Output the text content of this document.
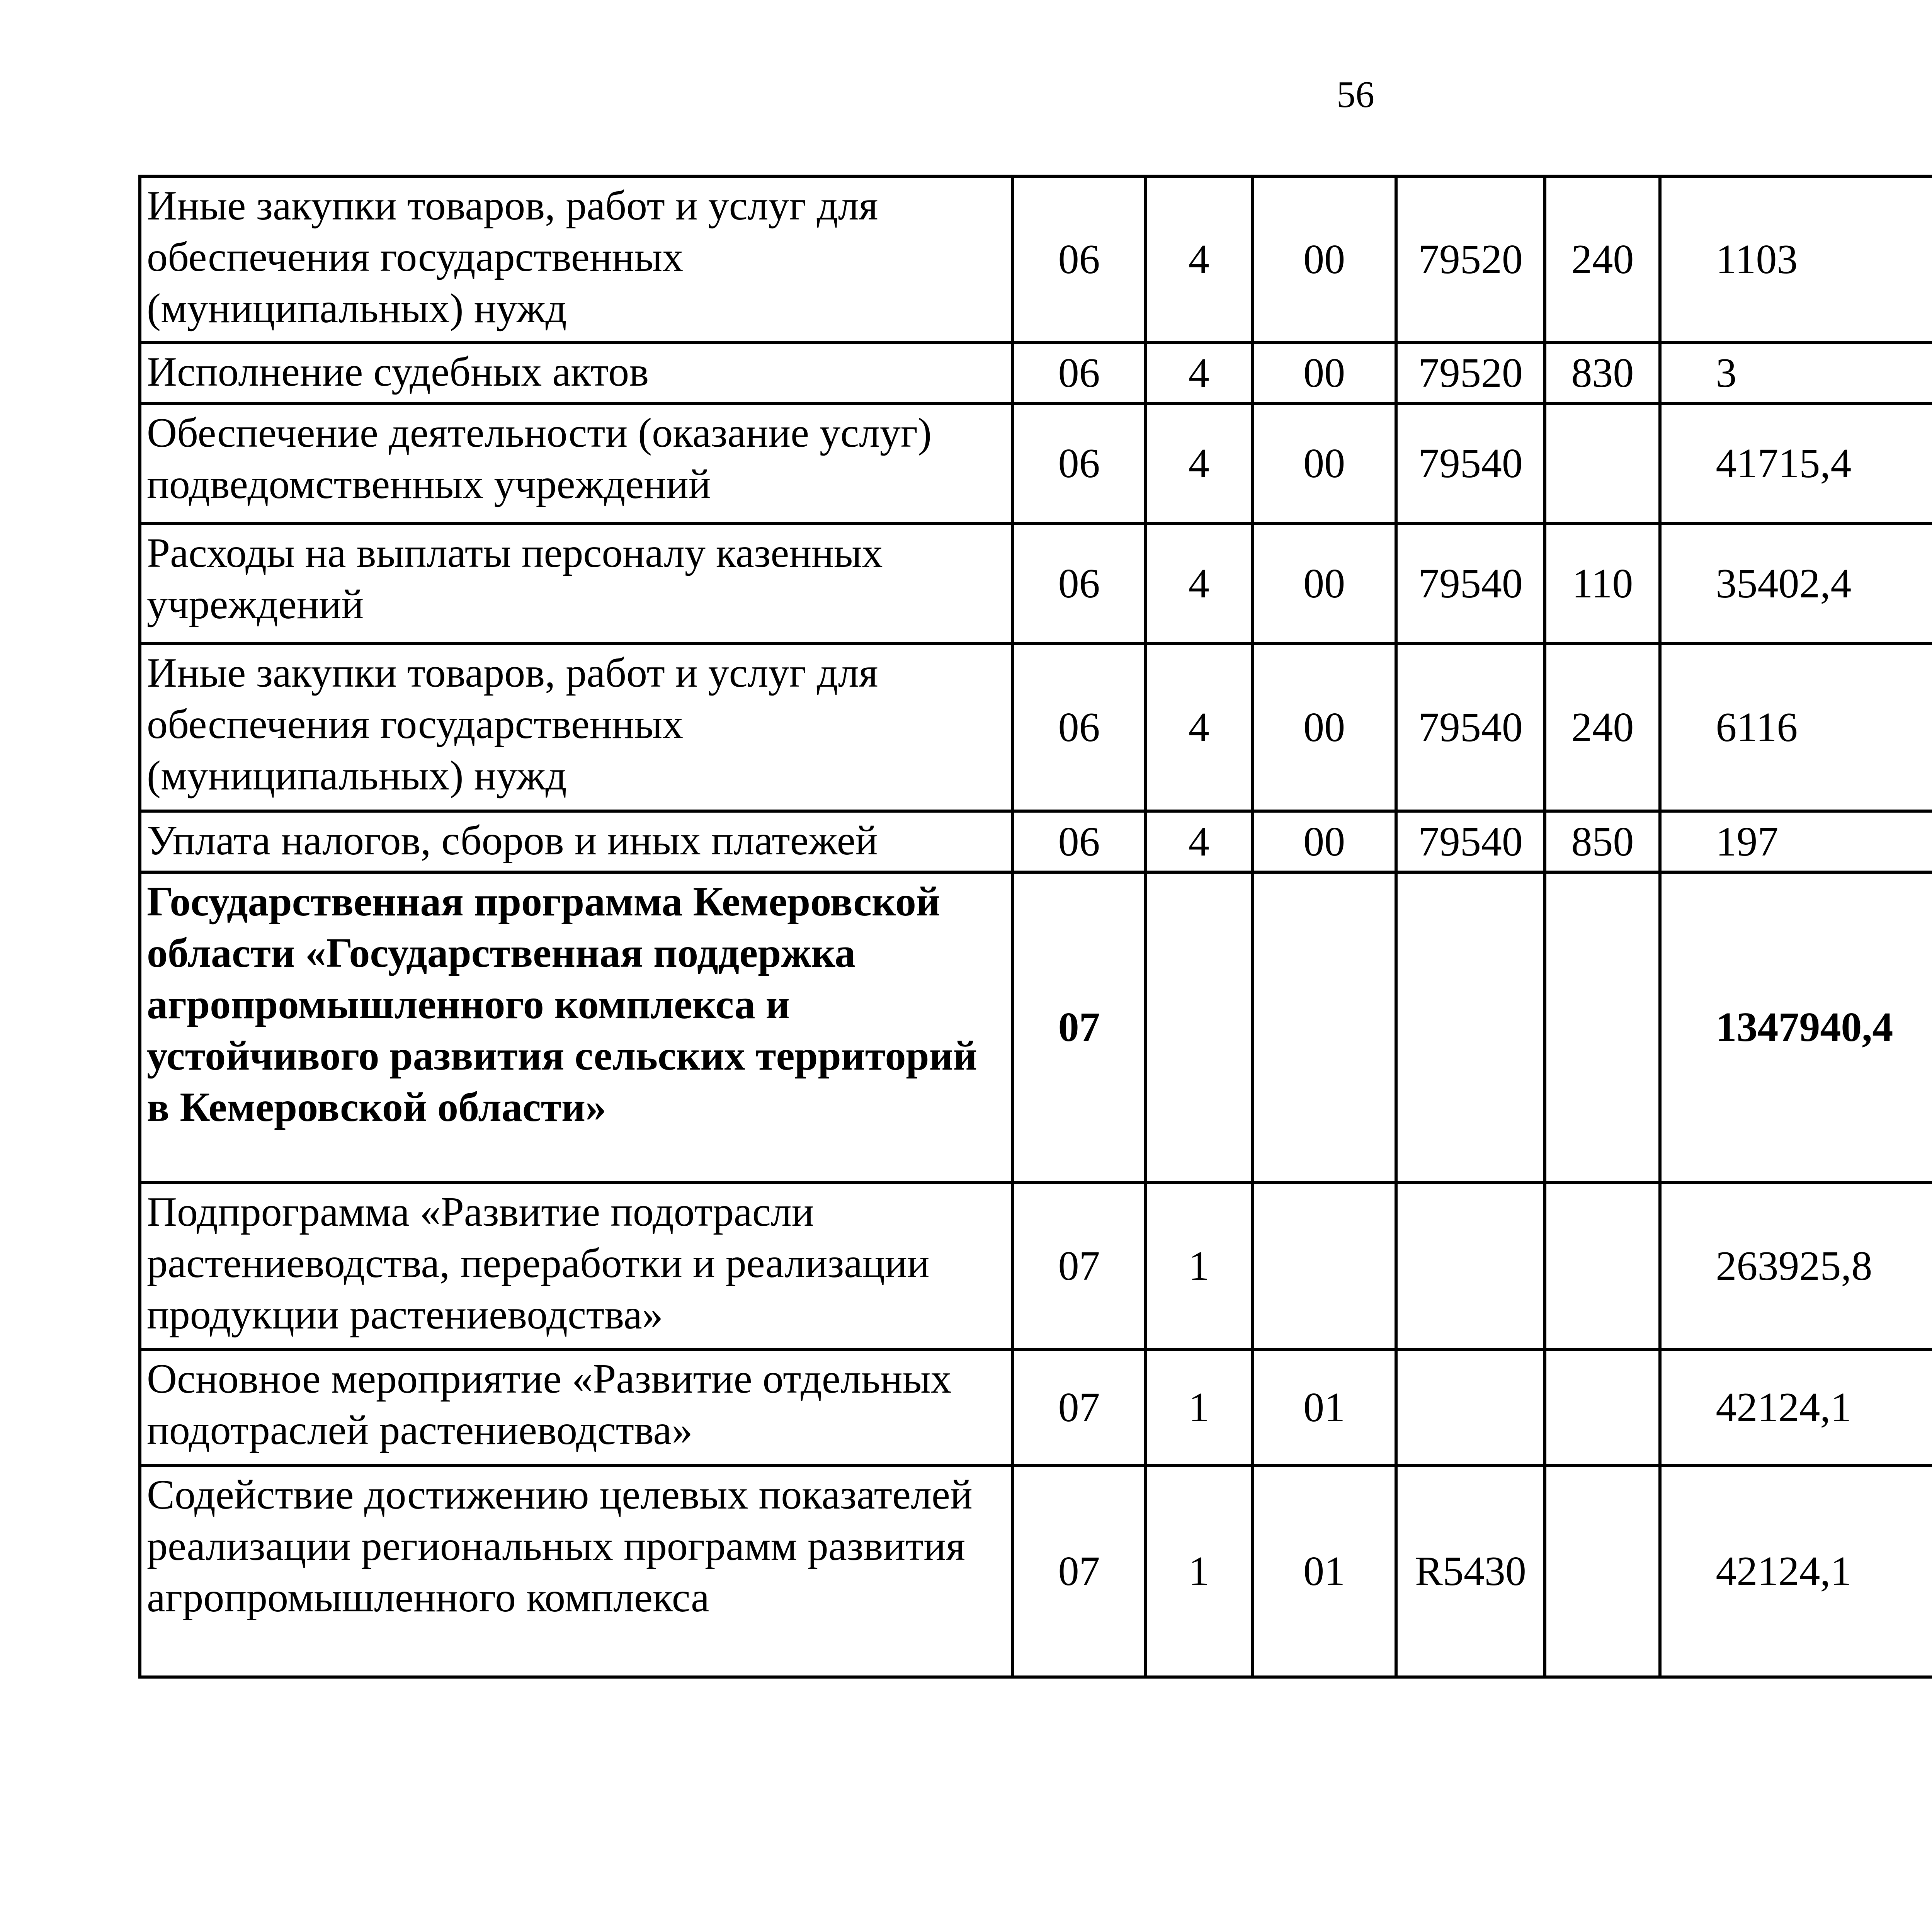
56
Иные закупки товаров, работ и услуг для обеспечения государственных (муниципальных) нужд	06	4	00	79520	240	1103		
Исполнение судебных актов	06	4	00	79520	830	3		
Обеспечение деятельности (оказание услуг) подведомственных учреждений	06	4	00	79540		41715,4		
Расходы на выплаты персоналу казенных учреждений	06	4	00	79540	110	35402,4		
Иные закупки товаров, работ и услуг для обеспечения государственных (муниципальных) нужд	06	4	00	79540	240	6116		
Уплата налогов, сборов и иных платежей	06	4	00	79540	850	197		
Государственная программа Кемеровской области «Государственная поддержка агропромышленного комплекса и устойчивого развития сельских территорий в Кемеровской области»	07					1347940,4		
Подпрограмма «Развитие подотрасли растениеводства, переработки и реализации продукции растениеводства»	07	1				263925,8		
Основное мероприятие «Развитие отдельных подотраслей растениеводства»	07	1	01			42124,1		
Содействие достижению целевых показателей реализации региональных программ развития агропромышленного комплекса	07	1	01	R5430		42124,1		
